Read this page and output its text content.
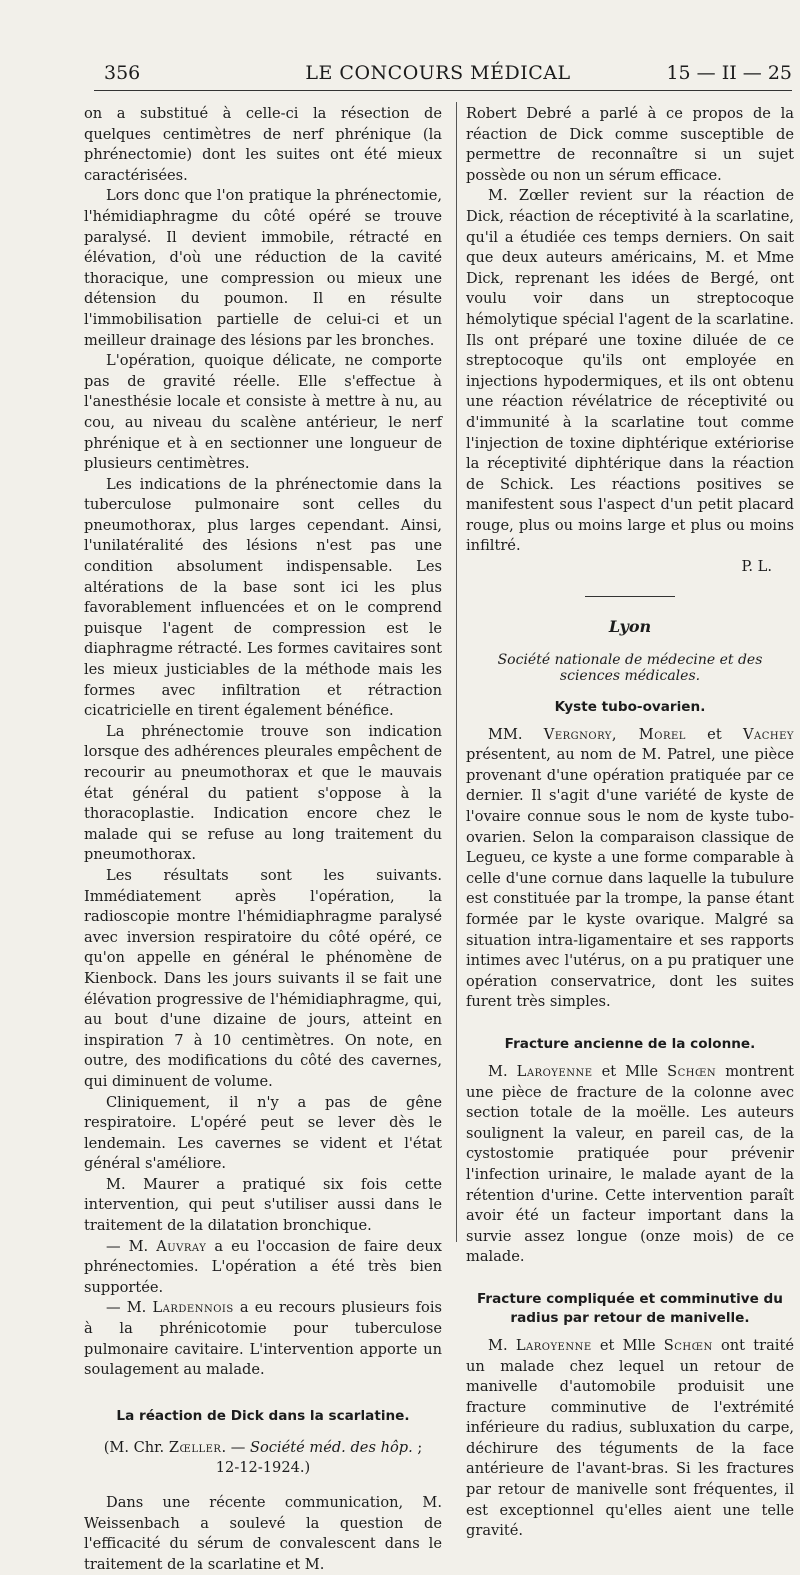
356	LE CONCOURS MÉDICAL	15 — II — 25

on a substitué à celle-ci la résection de quelques centimètres de nerf phrénique (la phrénectomie) dont les suites ont été mieux caractérisées.

Lors donc que l'on pratique la phrénectomie, l'hémidiaphragme du côté opéré se trouve paralysé. Il devient immobile, rétracté en élévation, d'où une réduction de la cavité thoracique, une compression ou mieux une détension du poumon. Il en résulte l'immobilisation partielle de celui-ci et un meilleur drainage des lésions par les bronches.

L'opération, quoique délicate, ne comporte pas de gravité réelle. Elle s'effectue à l'anesthésie locale et consiste à mettre à nu, au cou, au niveau du scalène antérieur, le nerf phrénique et à en sectionner une longueur de plusieurs centimètres.

Les indications de la phrénectomie dans la tuberculose pulmonaire sont celles du pneumothorax, plus larges cependant. Ainsi, l'unilatéralité des lésions n'est pas une condition absolument indispensable. Les altérations de la base sont ici les plus favorablement influencées et on le comprend puisque l'agent de compression est le diaphragme rétracté. Les formes cavitaires sont les mieux justiciables de la méthode mais les formes avec infiltration et rétraction cicatricielle en tirent également bénéfice.

La phrénectomie trouve son indication lorsque des adhérences pleurales empêchent de recourir au pneumothorax et que le mauvais état général du patient s'oppose à la thoracoplastie. Indication encore chez le malade qui se refuse au long traitement du pneumothorax.

Les résultats sont les suivants. Immédiatement après l'opération, la radioscopie montre l'hémidiaphragme paralysé avec inversion respiratoire du côté opéré, ce qu'on appelle en général le phénomène de Kienbock. Dans les jours suivants il se fait une élévation progressive de l'hémidiaphragme, qui, au bout d'une dizaine de jours, atteint en inspiration 7 à 10 centimètres. On note, en outre, des modifications du côté des cavernes, qui diminuent de volume.

Cliniquement, il n'y a pas de gêne respiratoire. L'opéré peut se lever dès le lendemain. Les cavernes se vident et l'état général s'améliore.

M. Maurer a pratiqué six fois cette intervention, qui peut s'utiliser aussi dans le traitement de la dilatation bronchique.

— M. Auvray a eu l'occasion de faire deux phrénectomies. L'opération a été très bien supportée.

— M. Lardennois a eu recours plusieurs fois à la phrénicotomie pour tuberculose pulmonaire cavitaire. L'intervention apporte un soulagement au malade.

La réaction de Dick dans la scarlatine.

(M. Chr. Zœller. — Société méd. des hôp. ; 12-12-1924.)

Dans une récente communication, M. Weissenbach a soulevé la question de l'efficacité du sérum de convalescent dans le traitement de la scarlatine et M.

Robert Debré a parlé à ce propos de la réaction de Dick comme susceptible de permettre de reconnaître si un sujet possède ou non un sérum efficace.

M. Zœller revient sur la réaction de Dick, réaction de réceptivité à la scarlatine, qu'il a étudiée ces temps derniers. On sait que deux auteurs américains, M. et Mme Dick, reprenant les idées de Bergé, ont voulu voir dans un streptocoque hémolytique spécial l'agent de la scarlatine. Ils ont préparé une toxine diluée de ce streptocoque qu'ils ont employée en injections hypodermiques, et ils ont obtenu une réaction révélatrice de réceptivité ou d'immunité à la scarlatine tout comme l'injection de toxine diphtérique extériorise la réceptivité diphtérique dans la réaction de Schick. Les réactions positives se manifestent sous l'aspect d'un petit placard rouge, plus ou moins large et plus ou moins infiltré.

P. L.

Lyon
Société nationale de médecine et des sciences médicales.
Kyste tubo-ovarien.

MM. Vergnory, Morel et Vachey présentent, au nom de M. Patrel, une pièce provenant d'une opération pratiquée par ce dernier. Il s'agit d'une variété de kyste de l'ovaire connue sous le nom de kyste tubo-ovarien. Selon la comparaison classique de Legueu, ce kyste a une forme comparable à celle d'une cornue dans laquelle la tubulure est constituée par la trompe, la panse étant formée par le kyste ovarique. Malgré sa situation intra-ligamentaire et ses rapports intimes avec l'utérus, on a pu pratiquer une opération conservatrice, dont les suites furent très simples.

Fracture ancienne de la colonne.

M. Laroyenne et Mlle Schœn montrent une pièce de fracture de la colonne avec section totale de la moëlle. Les auteurs soulignent la valeur, en pareil cas, de la cystostomie pratiquée pour prévenir l'infection urinaire, le malade ayant de la rétention d'urine. Cette intervention paraît avoir été un facteur important dans la survie assez longue (onze mois) de ce malade.

Fracture compliquée et comminutive du radius par retour de manivelle.

M. Laroyenne et Mlle Schœn ont traité un malade chez lequel un retour de manivelle d'automobile produisit une fracture comminutive de l'extrémité inférieure du radius, subluxation du carpe, déchirure des téguments de la face antérieure de l'avant-bras. Si les fractures par retour de manivelle sont fréquentes, il est exceptionnel qu'elles aient une telle gravité.
